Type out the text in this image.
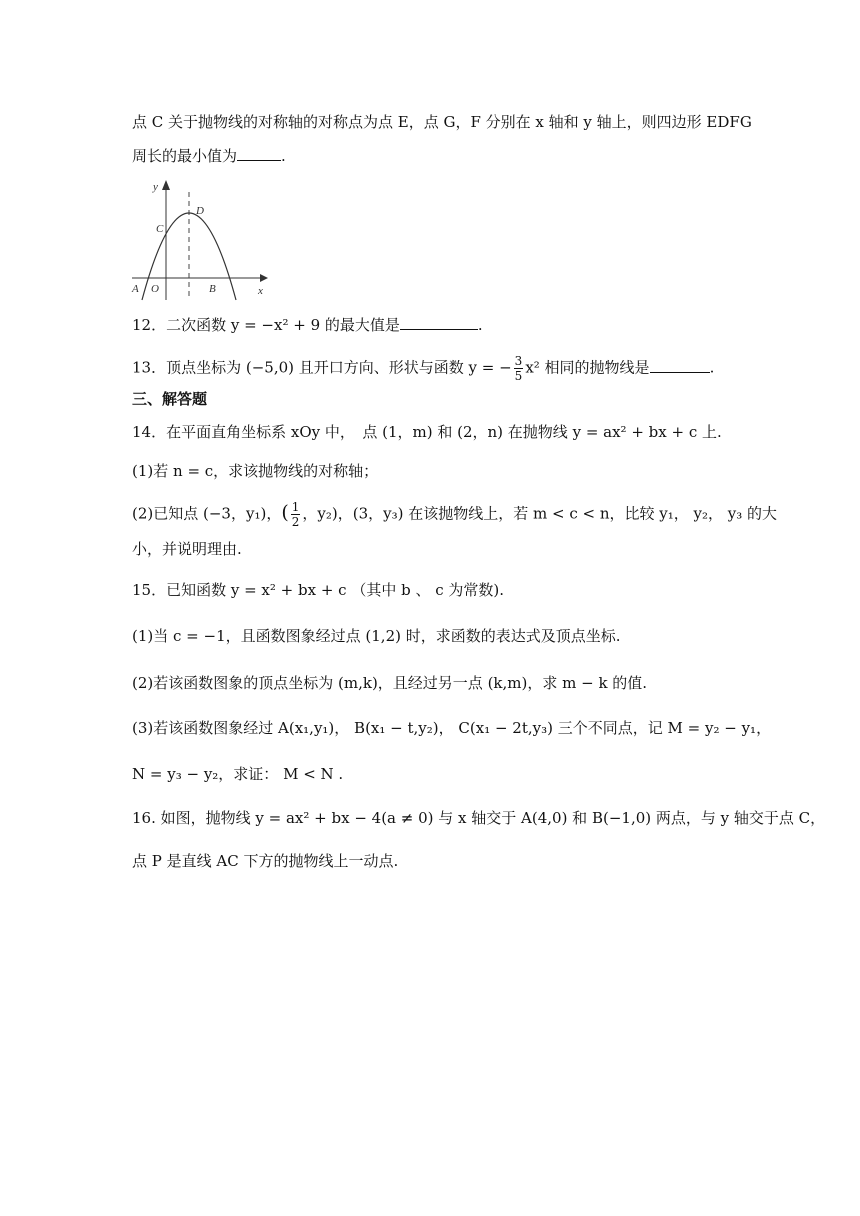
点 C 关于抛物线的对称轴的对称点为点 E，点 G，F 分别在 x 轴和 y 轴上，则四边形 EDFG
周长的最小值为	.
y
x
D
C
A O	B
12．二次函数 y = −x² + 9 的最大值是	.
13．顶点坐标为 (−5,0) 且开口方向、形状与函数 y = − $\frac{3}{5} x^2$ 相同的抛物线是	.
三、解答题
14．在平面直角坐标系 xOy 中，　点 (1，m) 和 (2，n) 在抛物线 y = ax² + bx + c 上.
(1)若 n = c，求该抛物线的对称轴；
(2)已知点 (−3，y₁)，( $\frac{1}{2}$ ，y₂)，(3，y₃) 在该抛物线上，若 m < c < n，比较 y₁， y₂， y₃ 的大
小，并说明理由.
15．已知函数 y = x² + bx + c （其中 b 、 c 为常数).
(1)当 c = −1，且函数图象经过点 (1,2) 时，求函数的表达式及顶点坐标.
(2)若该函数图象的顶点坐标为 (m,k)，且经过另一点 (k,m)，求 m − k 的值.
(3)若该函数图象经过 A(x₁,y₁)， B(x₁ − t,y₂)， C(x₁ − 2t,y₃) 三个不同点，记 M = y₂ − y₁，
N = y₃ − y₂，求证： M < N .
16. 如图，抛物线 y = ax² + bx − 4(a ≠ 0) 与 x 轴交于 A(4,0) 和 B(−1,0) 两点，与 y 轴交于点 C，
点 P 是直线 AC 下方的抛物线上一动点.
